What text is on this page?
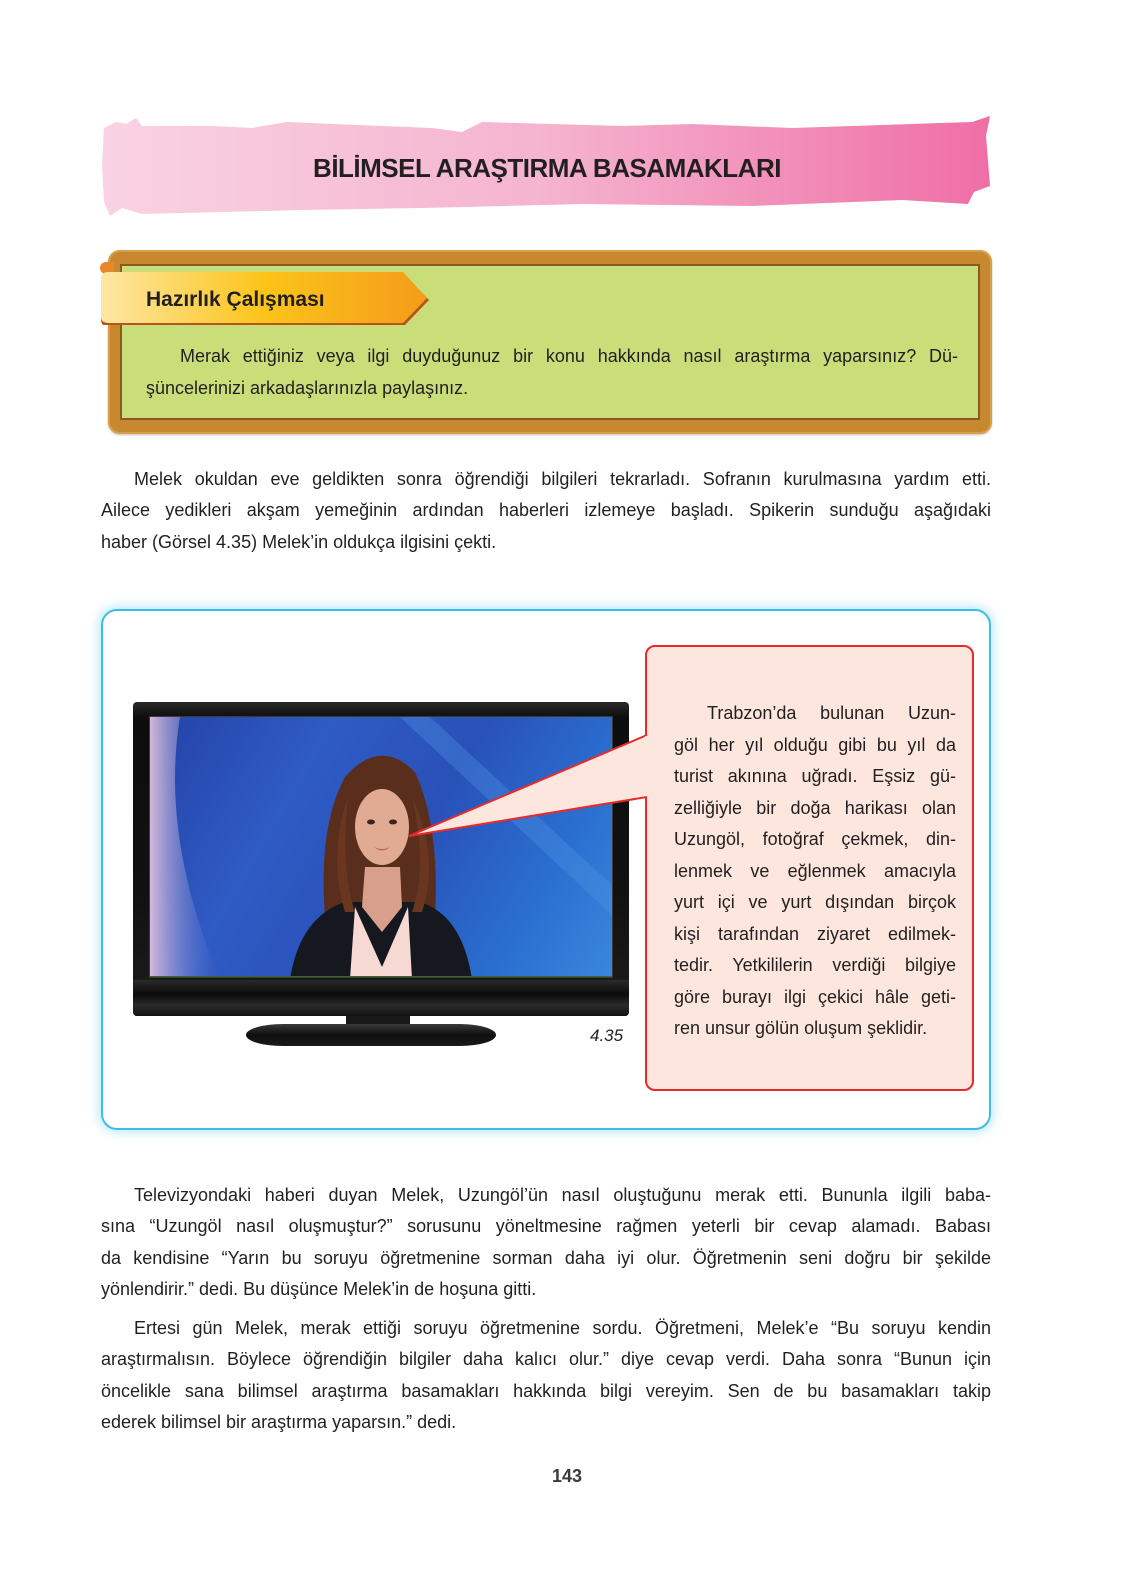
BİLİMSEL ARAŞTIRMA BASAMAKLARI
Hazırlık Çalışması
Merak ettiğiniz veya ilgi duyduğunuz bir konu hakkında nasıl araştırma yaparsınız? Dü-
şüncelerinizi arkadaşlarınızla paylaşınız.
Melek okuldan eve geldikten sonra öğrendiği bilgileri tekrarladı. Sofranın kurulmasına yardım etti.
Ailece yedikleri akşam yemeğinin ardından haberleri izlemeye başladı. Spikerin sunduğu aşağıdaki
haber (Görsel 4.35) Melek’in oldukça ilgisini çekti.
4.35
Trabzon’da bulunan Uzun-
göl her yıl olduğu gibi bu yıl da
turist akınına uğradı. Eşsiz gü-
zelliğiyle bir doğa harikası olan
Uzungöl, fotoğraf çekmek, din-
lenmek ve eğlenmek amacıyla
yurt içi ve yurt dışından birçok
kişi tarafından ziyaret edilmek-
tedir. Yetkililerin verdiği bilgiye
göre burayı ilgi çekici hâle geti-
ren unsur gölün oluşum şeklidir.
Televizyondaki haberi duyan Melek, Uzungöl’ün nasıl oluştuğunu merak etti. Bununla ilgili baba-
sına “Uzungöl nasıl oluşmuştur?” sorusunu yöneltmesine rağmen yeterli bir cevap alamadı. Babası
da kendisine “Yarın bu soruyu öğretmenine sorman daha iyi olur. Öğretmenin seni doğru bir şekilde
yönlendirir.” dedi. Bu düşünce Melek’in de hoşuna gitti.
Ertesi gün Melek, merak ettiği soruyu öğretmenine sordu. Öğretmeni, Melek’e “Bu soruyu kendin
araştırmalısın. Böylece öğrendiğin bilgiler daha kalıcı olur.” diye cevap verdi. Daha sonra “Bunun için
öncelikle sana bilimsel araştırma basamakları hakkında bilgi vereyim. Sen de bu basamakları takip
ederek bilimsel bir araştırma yaparsın.” dedi.
143
